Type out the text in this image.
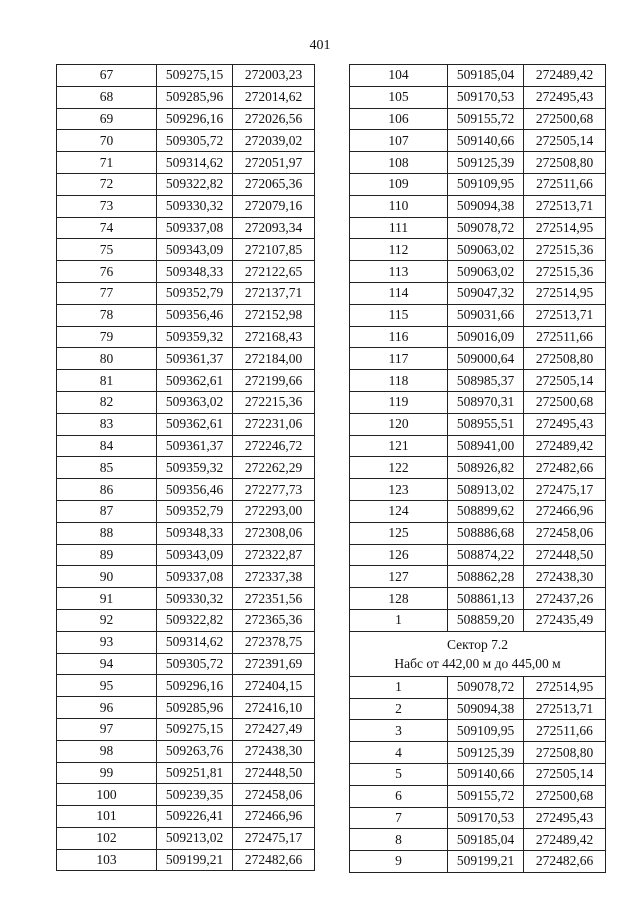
401
67	509275,15	272003,23
68	509285,96	272014,62
69	509296,16	272026,56
70	509305,72	272039,02
71	509314,62	272051,97
72	509322,82	272065,36
73	509330,32	272079,16
74	509337,08	272093,34
75	509343,09	272107,85
76	509348,33	272122,65
77	509352,79	272137,71
78	509356,46	272152,98
79	509359,32	272168,43
80	509361,37	272184,00
81	509362,61	272199,66
82	509363,02	272215,36
83	509362,61	272231,06
84	509361,37	272246,72
85	509359,32	272262,29
86	509356,46	272277,73
87	509352,79	272293,00
88	509348,33	272308,06
89	509343,09	272322,87
90	509337,08	272337,38
91	509330,32	272351,56
92	509322,82	272365,36
93	509314,62	272378,75
94	509305,72	272391,69
95	509296,16	272404,15
96	509285,96	272416,10
97	509275,15	272427,49
98	509263,76	272438,30
99	509251,81	272448,50
100	509239,35	272458,06
101	509226,41	272466,96
102	509213,02	272475,17
103	509199,21	272482,66
104	509185,04	272489,42
105	509170,53	272495,43
106	509155,72	272500,68
107	509140,66	272505,14
108	509125,39	272508,80
109	509109,95	272511,66
110	509094,38	272513,71
111	509078,72	272514,95
112	509063,02	272515,36
113	509063,02	272515,36
114	509047,32	272514,95
115	509031,66	272513,71
116	509016,09	272511,66
117	509000,64	272508,80
118	508985,37	272505,14
119	508970,31	272500,68
120	508955,51	272495,43
121	508941,00	272489,42
122	508926,82	272482,66
123	508913,02	272475,17
124	508899,62	272466,96
125	508886,68	272458,06
126	508874,22	272448,50
127	508862,28	272438,30
128	508861,13	272437,26
1	508859,20	272435,49

Сектор 7.2
Набс от 442,00 м до 445,00 м		

1	509078,72	272514,95
2	509094,38	272513,71
3	509109,95	272511,66
4	509125,39	272508,80
5	509140,66	272505,14
6	509155,72	272500,68
7	509170,53	272495,43
8	509185,04	272489,42
9	509199,21	272482,66
